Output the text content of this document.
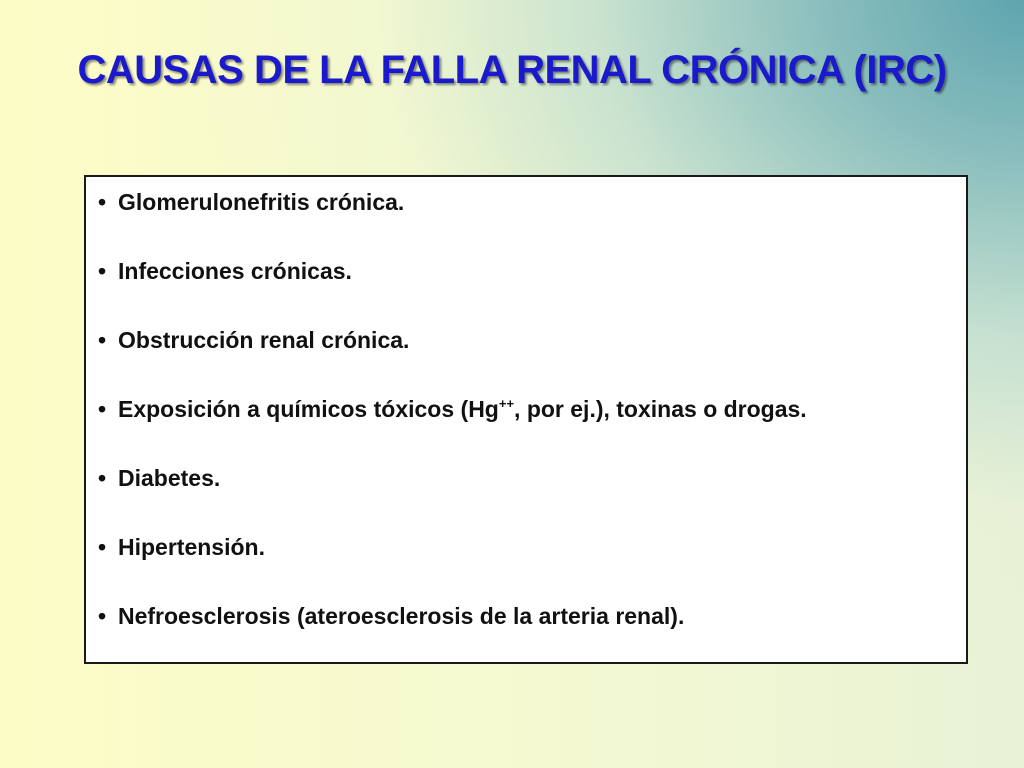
CAUSAS DE LA FALLA RENAL CRÓNICA (IRC)
• Glomerulonefritis crónica.
• Infecciones crónicas.
• Obstrucción renal crónica.
• Exposición a químicos tóxicos (Hg++, por ej.), toxinas o drogas.
• Diabetes.
• Hipertensión.
• Nefroesclerosis (ateroesclerosis de la arteria renal).
